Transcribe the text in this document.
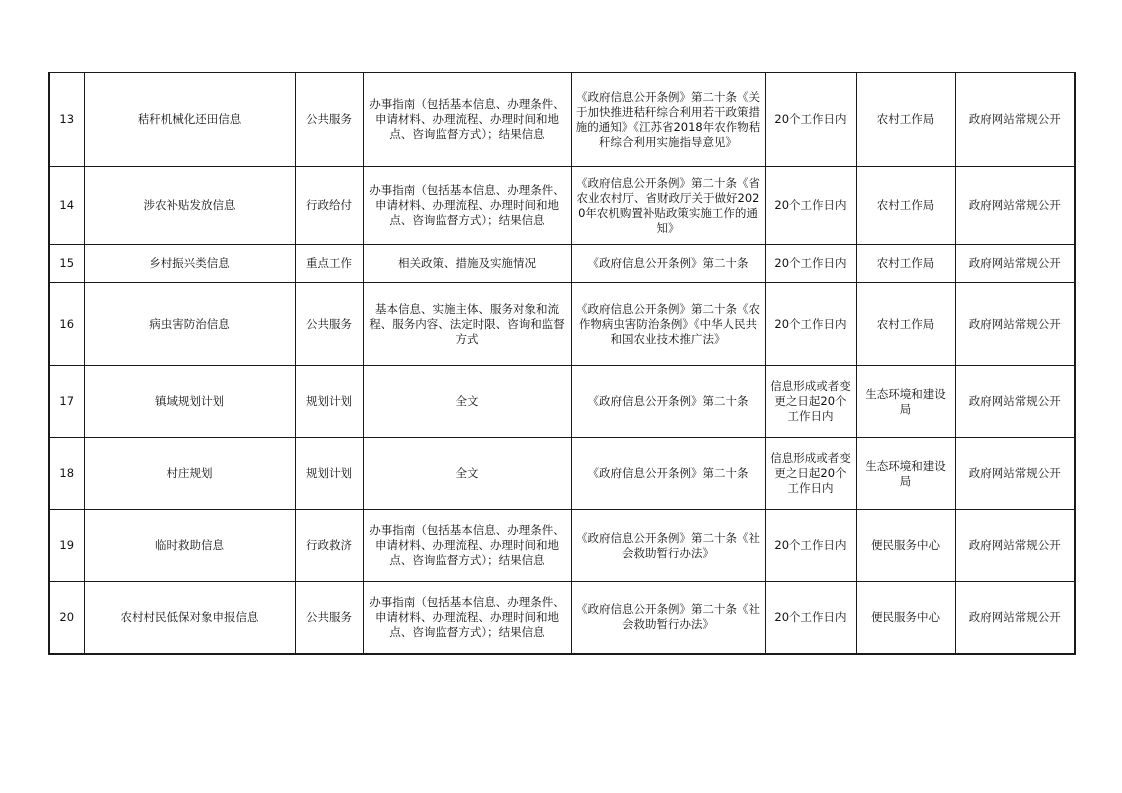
13	秸秆机械化还田信息	公共服务	办事指南（包括基本信息、办理条件、申请材料、办理流程、办理时间和地点、咨询监督方式）；结果信息	《政府信息公开条例》第二十条《关于加快推进秸秆综合利用若干政策措施的通知》《江苏省2018年农作物秸秆综合利用实施指导意见》	20个工作日内	农村工作局	政府网站常规公开
14	涉农补贴发放信息	行政给付	办事指南（包括基本信息、办理条件、申请材料、办理流程、办理时间和地点、咨询监督方式）；结果信息	《政府信息公开条例》第二十条《省农业农村厅、省财政厅关于做好2020年农机购置补贴政策实施工作的通知》	20个工作日内	农村工作局	政府网站常规公开
15	乡村振兴类信息	重点工作	相关政策、措施及实施情况	《政府信息公开条例》第二十条	20个工作日内	农村工作局	政府网站常规公开
16	病虫害防治信息	公共服务	基本信息、实施主体、服务对象和流程、服务内容、法定时限、咨询和监督方式	《政府信息公开条例》第二十条《农作物病虫害防治条例》《中华人民共和国农业技术推广法》	20个工作日内	农村工作局	政府网站常规公开
17	镇域规划计划	规划计划	全文	《政府信息公开条例》第二十条	信息形成或者变更之日起20个工作日内	生态环境和建设局	政府网站常规公开
18	村庄规划	规划计划	全文	《政府信息公开条例》第二十条	信息形成或者变更之日起20个工作日内	生态环境和建设局	政府网站常规公开
19	临时救助信息	行政救济	办事指南（包括基本信息、办理条件、申请材料、办理流程、办理时间和地点、咨询监督方式）；结果信息	《政府信息公开条例》第二十条《社会救助暂行办法》	20个工作日内	便民服务中心	政府网站常规公开
20	农村村民低保对象申报信息	公共服务	办事指南（包括基本信息、办理条件、申请材料、办理流程、办理时间和地点、咨询监督方式）；结果信息	《政府信息公开条例》第二十条《社会救助暂行办法》	20个工作日内	便民服务中心	政府网站常规公开
